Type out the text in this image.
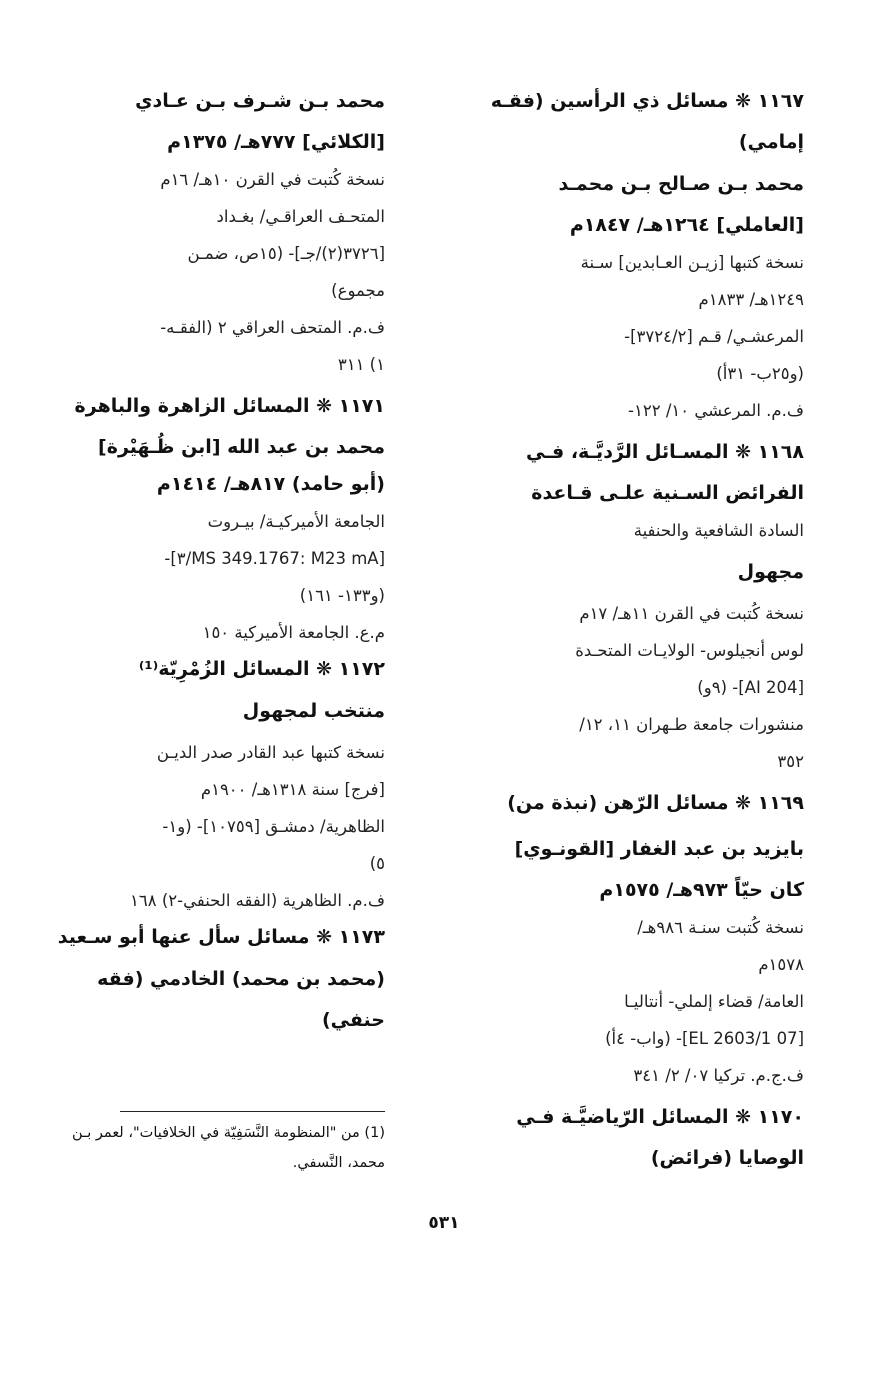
١١٦٧ ❋ مسائل ذي الرأسين (فقـه
إمامي)
محمد بـن صـالح بـن محمـد
[العاملي] ١٢٦٤هـ/ ١٨٤٧م
نسخة كتبها [زيـن العـابدين] سـنة
١٢٤٩هـ/ ١٨٣٣م
المرعشـي/ قـم [٣٧٢٤/٢]-
(و٢٥ب- ٣١أ)
ف.م. المرعشي ١٠/ ١٢٢-
١١٦٨ ❋ المسـائل الرَّديَّـة، فـي
الفرائض السـنية علـى قـاعدة
السادة الشافعية والحنفية
مجهول
نسخة كُتبت في القرن ١١هـ/ ١٧م
لوس أنجيلوس- الولايـات المتحـدة
[AI 204]- (٩و)
منشورات جامعة طـهران ١١، ١٢/
٣٥٢
١١٦٩ ❋ مسائل الرّهن (نبذة من)
بايزيد بن عبد الغفار [القونـوي]
كان حيّاً ٩٧٣هـ/ ١٥٧٥م
نسخة كُتبت سنـة ٩٨٦هـ/
١٥٧٨م
العامة/ قضاء إلملي- أنتاليـا
[07 EL 2603/1]- (واب- ٤أ)
ف.ج.م. تركيا ٠٧/ ٢/ ٣٤١
١١٧٠ ❋ المسائل الرّياضيَّـة فـي
الوصايا (فرائض)
محمد بـن شـرف بـن عـادي
[الكلائي] ٧٧٧هـ/ ١٣٧٥م
نسخة كُتبت في القرن ١٠هـ/ ١٦م
المتحـف العراقـي/ بغـداد
[٣٧٢٦(٢)/جـ]- (١٥ص، ضمـن
مجموع)
ف.م. المتحف العراقي ٢ (الفقـه-
١) ٣١١
١١٧١ ❋ المسائل الزاهرة والباهرة
محمد بن عبد الله [ابن ظُـهَيْرة]
(أبو حامد) ٨١٧هـ/ ١٤١٤م
الجامعة الأميركيـة/ بيـروت
[MS 349.1767: M23 mA/٣]-
(و١٣٣- ١٦١)
م.ع. الجامعة الأميركية ١٥٠
١١٧٢ ❋ المسائل الزُمْرِيّة⁽¹⁾
منتخب لمجهول
نسخة كتبها عبد القادر صدر الديـن
[فرج] سنة ١٣١٨هـ/ ١٩٠٠م
الظاهرية/ دمشـق [١٠٧٥٩]- (و١-
٥)
ف.م. الظاهرية (الفقه الحنفي-٢) ١٦٨
١١٧٣ ❋ مسائل سأل عنها أبو سـعيد
(محمد بن محمد) الخادمي (فقه
حنفي)
(1) من "المنظومة النَّسَفِيّة في الخلافيات"، لعمر بـن
محمد، النَّسفي.
٥٣١
